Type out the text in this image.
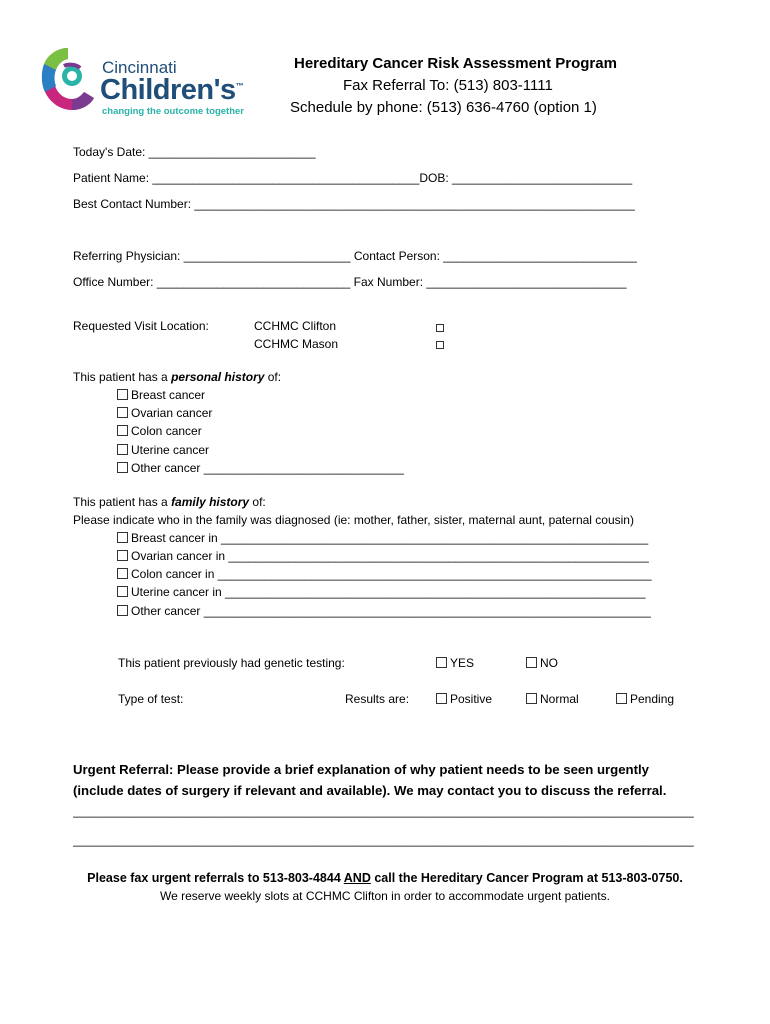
Cincinnati
Children's™
changing the outcome together
Hereditary Cancer Risk Assessment Program
Fax Referral To: (513) 803-1111
Schedule by phone: (513) 636-4760 (option 1)
Today's Date: _________________________
Patient Name: ________________________________________DOB: ___________________________
Best Contact Number: __________________________________________________________________
Referring Physician: _________________________ Contact Person: _____________________________
Office Number: _____________________________ Fax Number: ______________________________
Requested Visit Location:	CCHMC Clifton
CCHMC Mason
This patient has a personal history of:
Breast cancer
Ovarian cancer
Colon cancer
Uterine cancer
Other cancer ______________________________
This patient has a family history of:
Please indicate who in the family was diagnosed (ie: mother, father, sister, maternal aunt, paternal cousin)
Breast cancer in ________________________________________________________________
Ovarian cancer in _______________________________________________________________
Colon cancer in _________________________________________________________________
Uterine cancer in _______________________________________________________________
Other cancer ___________________________________________________________________
This patient previously had genetic testing:	YES	NO
Type of test:	Results are:	Positive	Normal	Pending
Urgent Referral: Please provide a brief explanation of why patient needs to be seen urgently
(include dates of surgery if relevant and available). We may contact you to discuss the referral.
_____________________________________________________________________________________________
_____________________________________________________________________________________________
Please fax urgent referrals to 513-803-4844 AND call the Hereditary Cancer Program at 513-803-0750.
We reserve weekly slots at CCHMC Clifton in order to accommodate urgent patients.
